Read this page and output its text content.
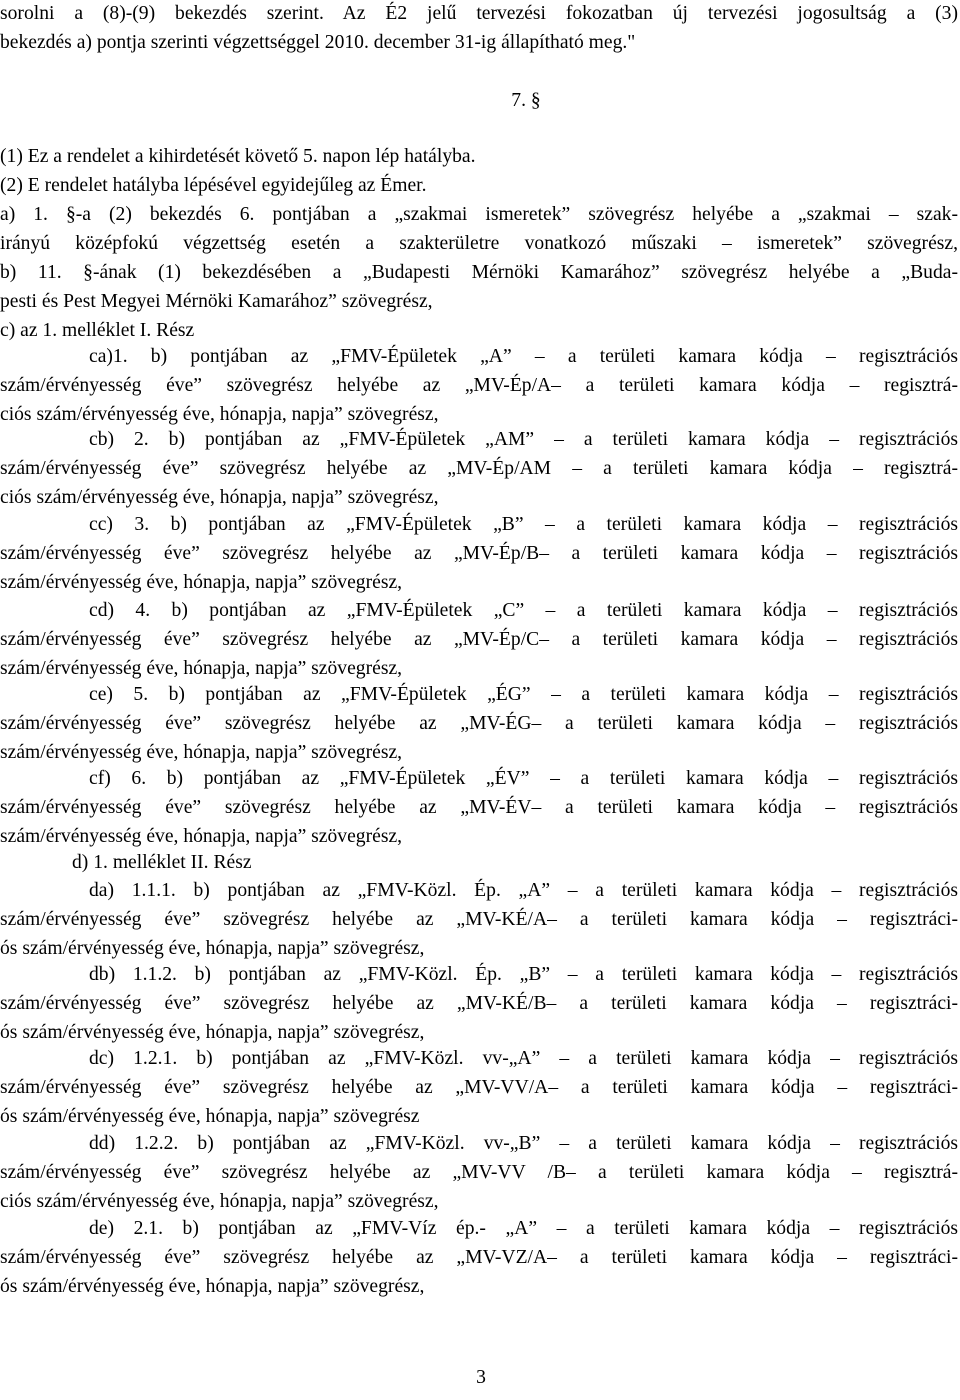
sorolni a (8)-(9) bekezdés szerint. Az É2 jelű tervezési fokozatban új tervezési jogosultság a (3)
bekezdés a) pontja szerinti végzettséggel 2010. december 31-ig állapítható meg."
7. §
(1) Ez a rendelet a kihirdetését követő 5. napon lép hatályba.
(2) E rendelet hatályba lépésével egyidejűleg az Émer.
a) 1. §-a (2) bekezdés 6. pontjában a „szakmai ismeretek” szövegrész helyébe a „szakmai – szak-
irányú középfokú végzettség esetén a szakterületre vonatkozó műszaki – ismeretek” szövegrész,
b) 11. §-ának (1) bekezdésében a „Budapesti Mérnöki Kamarához” szövegrész helyébe a „Buda-
pesti és Pest Megyei Mérnöki Kamarához” szövegrész,
c) az 1. melléklet I. Rész
ca)1. b) pontjában az „FMV-Épületek „A” – a területi kamara kódja – regisztrációs
szám/érvényesség éve” szövegrész helyébe az „MV-Ép/A– a területi kamara kódja – regisztrá-
ciós szám/érvényesség éve, hónapja, napja” szövegrész,
cb) 2. b) pontjában az „FMV-Épületek „AM” – a területi kamara kódja – regisztrációs
szám/érvényesség éve” szövegrész helyébe az „MV-Ép/AM – a területi kamara kódja – regisztrá-
ciós szám/érvényesség éve, hónapja, napja” szövegrész,
cc) 3. b) pontjában az „FMV-Épületek „B” – a területi kamara kódja – regisztrációs
szám/érvényesség éve” szövegrész helyébe az „MV-Ép/B– a területi kamara kódja – regisztrációs
szám/érvényesség éve, hónapja, napja” szövegrész,
cd) 4. b) pontjában az „FMV-Épületek „C” – a területi kamara kódja – regisztrációs
szám/érvényesség éve” szövegrész helyébe az „MV-Ép/C– a területi kamara kódja – regisztrációs
szám/érvényesség éve, hónapja, napja” szövegrész,
ce) 5. b) pontjában az „FMV-Épületek „ÉG” – a területi kamara kódja – regisztrációs
szám/érvényesség éve” szövegrész helyébe az „MV-ÉG– a területi kamara kódja – regisztrációs
szám/érvényesség éve, hónapja, napja” szövegrész,
cf) 6. b) pontjában az „FMV-Épületek „ÉV” – a területi kamara kódja – regisztrációs
szám/érvényesség éve” szövegrész helyébe az „MV-ÉV– a területi kamara kódja – regisztrációs
szám/érvényesség éve, hónapja, napja” szövegrész,
d) 1. melléklet II. Rész
da) 1.1.1. b) pontjában az „FMV-Közl. Ép. „A” – a területi kamara kódja – regisztrációs
szám/érvényesség éve” szövegrész helyébe az „MV-KÉ/A– a területi kamara kódja – regisztráci-
ós szám/érvényesség éve, hónapja, napja” szövegrész,
db) 1.1.2. b) pontjában az „FMV-Közl. Ép. „B” – a területi kamara kódja – regisztrációs
szám/érvényesség éve” szövegrész helyébe az „MV-KÉ/B– a területi kamara kódja – regisztráci-
ós szám/érvényesség éve, hónapja, napja” szövegrész,
dc) 1.2.1. b) pontjában az „FMV-Közl. vv-„A” – a területi kamara kódja – regisztrációs
szám/érvényesség éve” szövegrész helyébe az „MV-VV/A– a területi kamara kódja – regisztráci-
ós szám/érvényesség éve, hónapja, napja” szövegrész
dd) 1.2.2. b) pontjában az „FMV-Közl. vv-„B” – a területi kamara kódja – regisztrációs
szám/érvényesség éve” szövegrész helyébe az „MV-VV /B– a területi kamara kódja – regisztrá-
ciós szám/érvényesség éve, hónapja, napja” szövegrész,
de) 2.1. b) pontjában az „FMV-Víz ép.- „A” – a területi kamara kódja – regisztrációs
szám/érvényesség éve” szövegrész helyébe az „MV-VZ/A– a területi kamara kódja – regisztráci-
ós szám/érvényesség éve, hónapja, napja” szövegrész,
3
